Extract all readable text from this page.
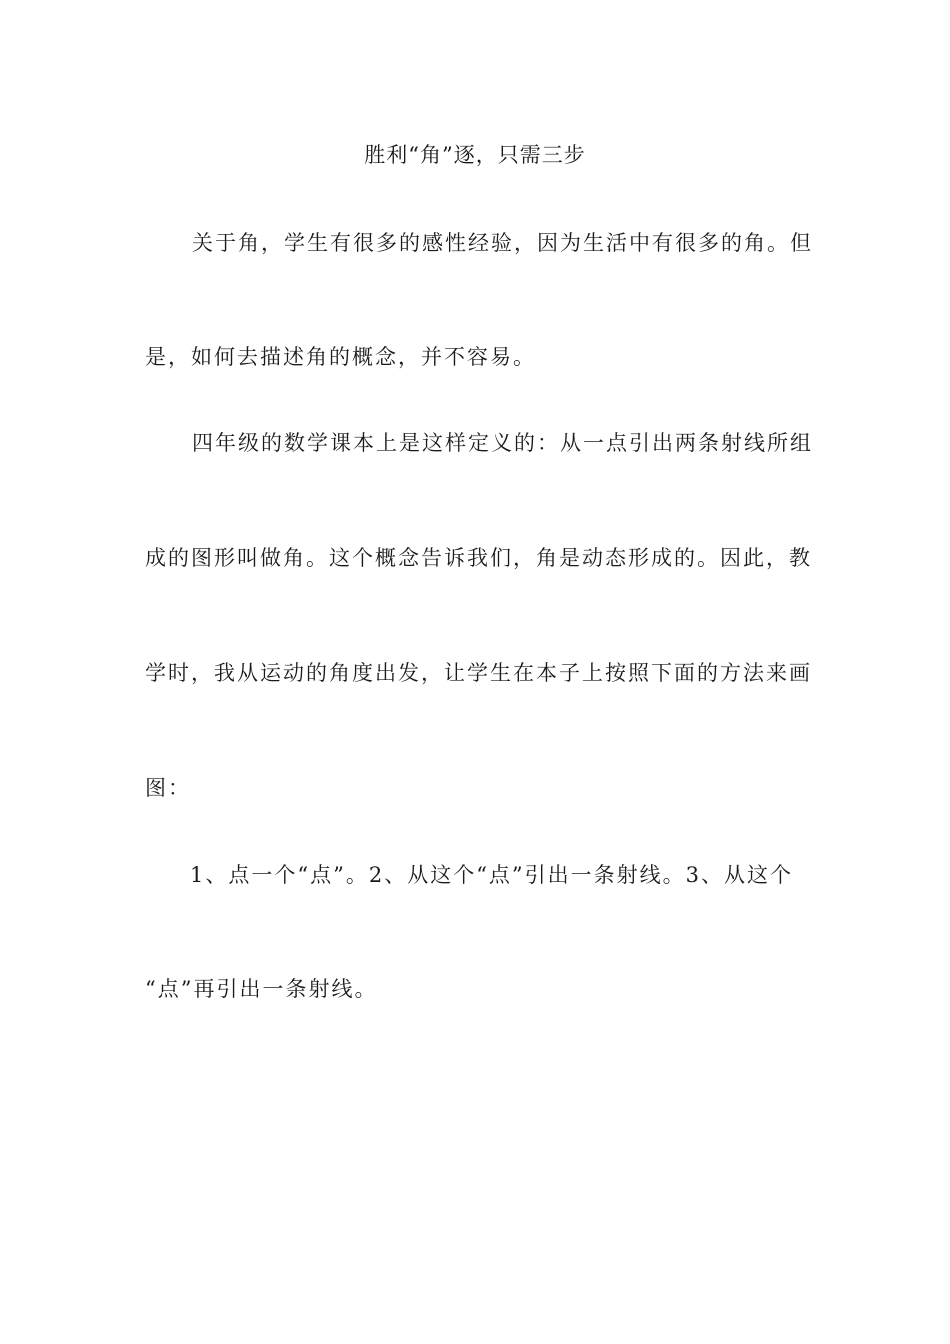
胜利“角”逐，只需三步
关于角，学生有很多的感性经验，因为生活中有很多的角。但
是，如何去描述角的概念，并不容易。
四年级的数学课本上是这样定义的：从一点引出两条射线所组
成的图形叫做角。这个概念告诉我们，角是动态形成的。因此，教
学时，我从运动的角度出发，让学生在本子上按照下面的方法来画
图：
1、点一个“点”。2、从这个“点”引出一条射线。3、从这个
“点”再引出一条射线。
